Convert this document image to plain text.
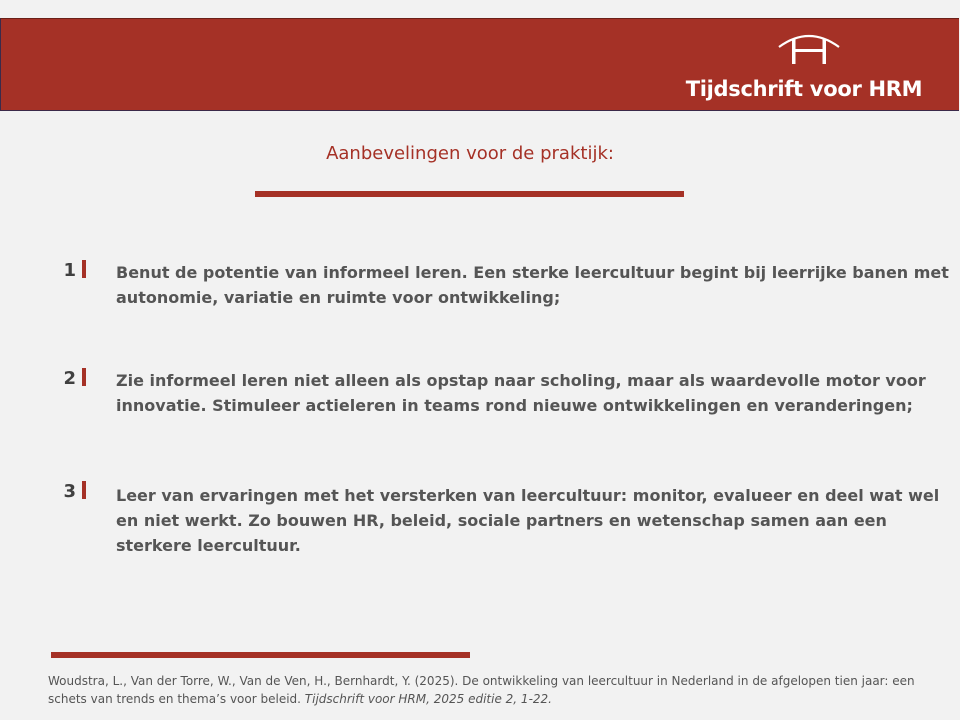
Tijdschrift voor HRM
Aanbevelingen voor de praktijk:
1	Benut de potentie van informeel leren. Een sterke leercultuur begint bij leerrijke banen met autonomie, variatie en ruimte voor ontwikkeling;
2	Zie informeel leren niet alleen als opstap naar scholing, maar als waardevolle motor voor innovatie. Stimuleer actieleren in teams rond nieuwe ontwikkelingen en veranderingen;
3	Leer van ervaringen met het versterken van leercultuur: monitor, evalueer en deel wat wel en niet werkt. Zo bouwen HR, beleid, sociale partners en wetenschap samen aan een sterkere leercultuur.
Woudstra, L., Van der Torre, W., Van de Ven, H., Bernhardt, Y. (2025). De ontwikkeling van leercultuur in Nederland in de afgelopen tien jaar: een schets van trends en thema’s voor beleid. Tijdschrift voor HRM, 2025 editie 2, 1-22.
